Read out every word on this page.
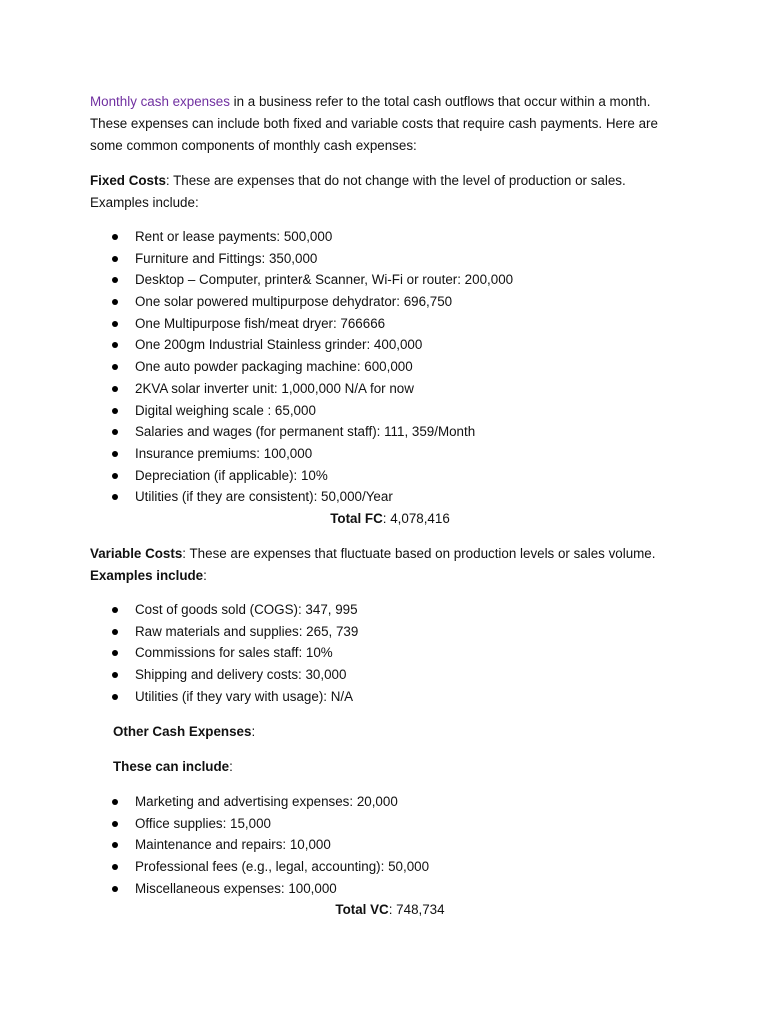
Monthly cash expenses in a business refer to the total cash outflows that occur within a month.
These expenses can include both fixed and variable costs that require cash payments. Here are
some common components of monthly cash expenses:
Fixed Costs: These are expenses that do not change with the level of production or sales.
Examples include:
Rent or lease payments: 500,000
Furniture and Fittings: 350,000
Desktop – Computer, printer& Scanner, Wi-Fi or router: 200,000
One solar powered multipurpose dehydrator: 696,750
One Multipurpose fish/meat dryer: 766666
One 200gm Industrial Stainless grinder: 400,000
One auto powder packaging machine: 600,000
2KVA solar inverter unit: 1,000,000 N/A for now
Digital weighing scale : 65,000
Salaries and wages (for permanent staff): 111, 359/Month
Insurance premiums: 100,000
Depreciation (if applicable): 10%
Utilities (if they are consistent): 50,000/Year
Total FC: 4,078,416
Variable Costs: These are expenses that fluctuate based on production levels or sales volume.
Examples include:
Cost of goods sold (COGS): 347, 995
Raw materials and supplies: 265, 739
Commissions for sales staff: 10%
Shipping and delivery costs: 30,000
Utilities (if they vary with usage): N/A
Other Cash Expenses:
These can include:
Marketing and advertising expenses: 20,000
Office supplies: 15,000
Maintenance and repairs: 10,000
Professional fees (e.g., legal, accounting): 50,000
Miscellaneous expenses: 100,000
Total VC: 748,734
